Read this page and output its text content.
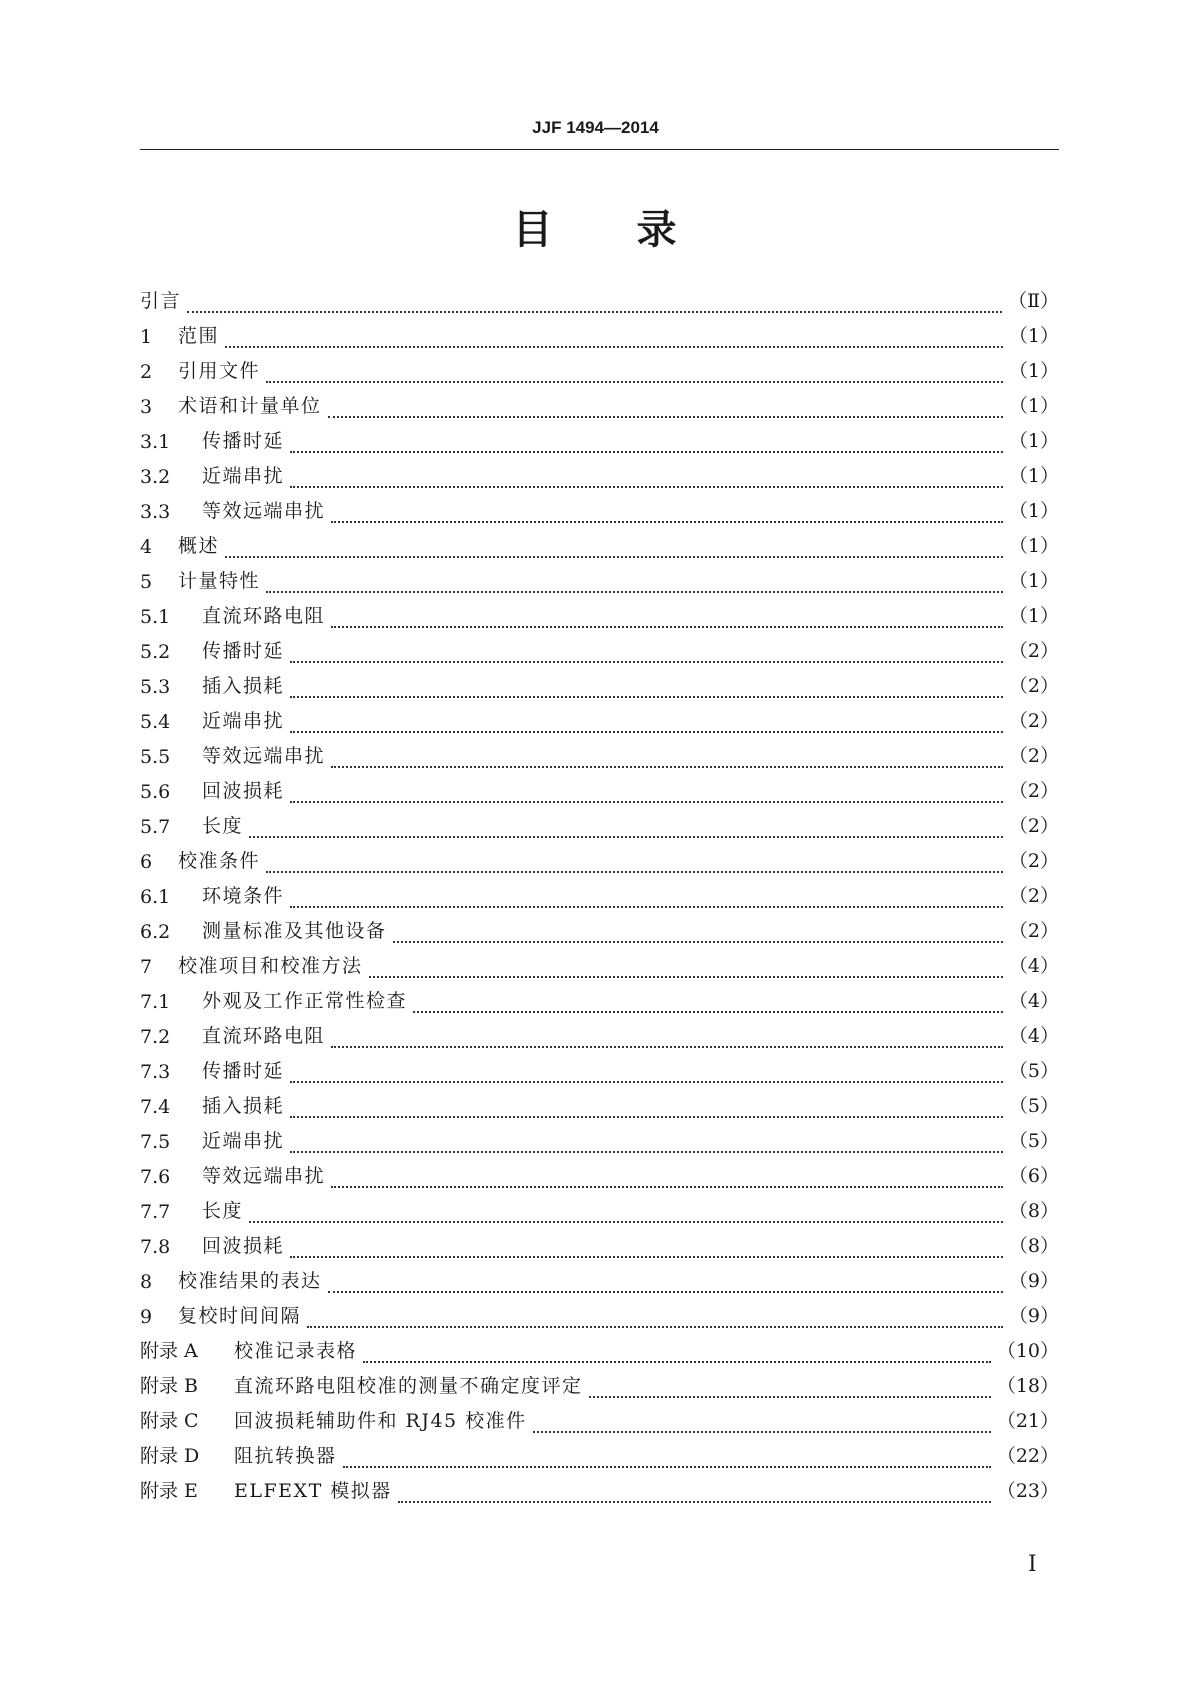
JJF 1494—2014
目 录
引言	（Ⅱ）
1	范围	（1）
2	引用文件	（1）
3	术语和计量单位	（1）
3.1	传播时延	（1）
3.2	近端串扰	（1）
3.3	等效远端串扰	（1）
4	概述	（1）
5	计量特性	（1）
5.1	直流环路电阻	（1）
5.2	传播时延	（2）
5.3	插入损耗	（2）
5.4	近端串扰	（2）
5.5	等效远端串扰	（2）
5.6	回波损耗	（2）
5.7	长度	（2）
6	校准条件	（2）
6.1	环境条件	（2）
6.2	测量标准及其他设备	（2）
7	校准项目和校准方法	（4）
7.1	外观及工作正常性检查	（4）
7.2	直流环路电阻	（4）
7.3	传播时延	（5）
7.4	插入损耗	（5）
7.5	近端串扰	（5）
7.6	等效远端串扰	（6）
7.7	长度	（8）
7.8	回波损耗	（8）
8	校准结果的表达	（9）
9	复校时间间隔	（9）
附录 A	校准记录表格	（10）
附录 B	直流环路电阻校准的测量不确定度评定	（18）
附录 C	回波损耗辅助件和 RJ45 校准件	（21）
附录 D	阻抗转换器	（22）
附录 E	ELFEXT 模拟器	（23）
I
